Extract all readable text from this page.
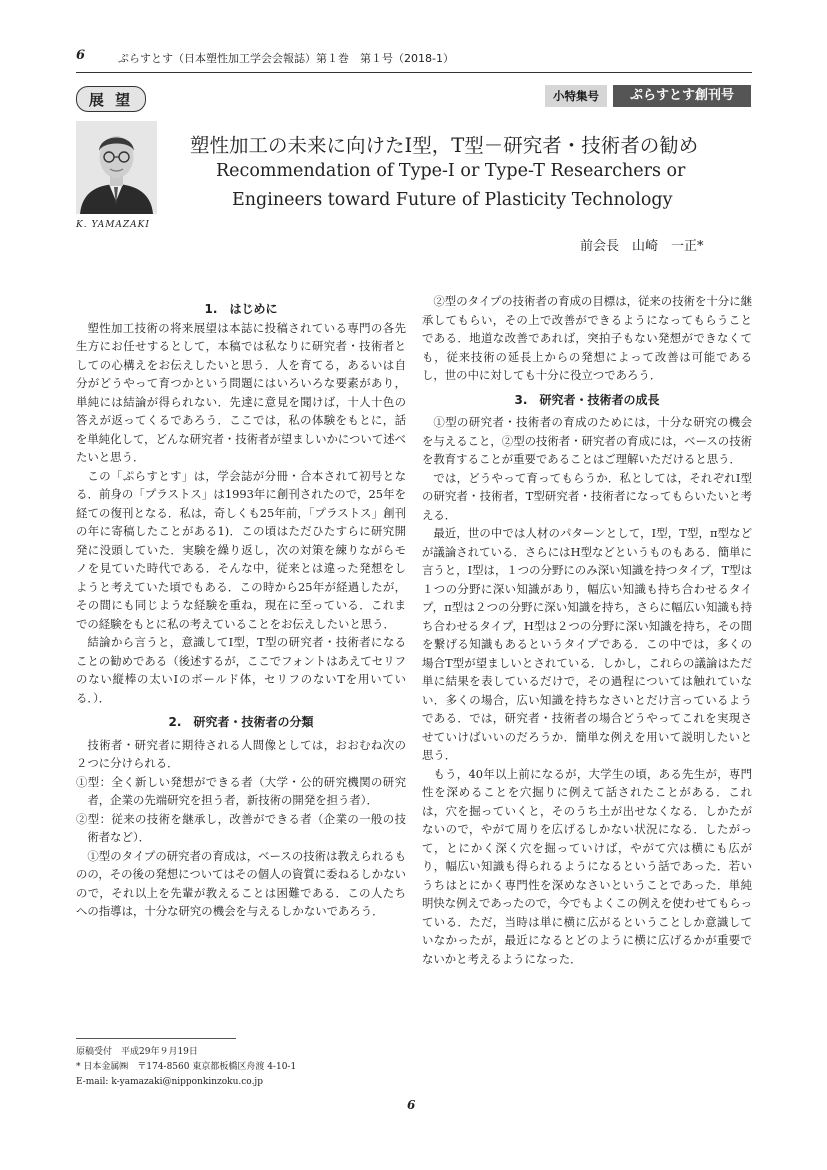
6	ぷらすとす（日本塑性加工学会会報誌）第１巻　第１号（2018-1）
展 望	小特集号	ぷらすとす創刊号
K. YAMAZAKI
塑性加工の未来に向けたI型，T型－研究者・技術者の勧め
Recommendation of Type-I or Type-T Researchers or
Engineers toward Future of Plasticity Technology
前会長　山崎　一正*
1.　はじめに

塑性加工技術の将来展望は本誌に投稿されている専門の各先生方にお任せするとして，本稿では私なりに研究者・技術者としての心構えをお伝えしたいと思う．人を育てる，あるいは自分がどうやって育つかという問題にはいろいろな要素があり，単純には結論が得られない．先達に意見を聞けば，十人十色の答えが返ってくるであろう．ここでは，私の体験をもとに，話を単純化して，どんな研究者・技術者が望ましいかについて述べたいと思う．

この「ぷらすとす」は，学会誌が分冊・合本されて初号となる．前身の「プラストス」は1993年に創刊されたので，25年を経ての復刊となる．私は，奇しくも25年前，「プラストス」創刊の年に寄稿したことがある1)．この頃はただひたすらに研究開発に没頭していた．実験を繰り返し，次の対策を練りながらモノを見ていた時代である．そんな中，従来とは違った発想をしようと考えていた頃でもある．この時から25年が経過したが，その間にも同じような経験を重ね，現在に至っている．これまでの経験をもとに私の考えていることをお伝えしたいと思う．

結論から言うと，意識してI型，T型の研究者・技術者になることの勧めである（後述するが，ここでフォントはあえてセリフのない縦棒の太いIのボールド体，セリフのないTを用いている．）．

2.　研究者・技術者の分類

技術者・研究者に期待される人間像としては，おおむね次の２つに分けられる．

①型：全く新しい発想ができる者（大学・公的研究機関の研究者，企業の先端研究を担う者，新技術の開発を担う者）．

②型：従来の技術を継承し，改善ができる者（企業の一般の技術者など）．

①型のタイプの研究者の育成は，ベースの技術は教えられるものの，その後の発想についてはその個人の資質に委ねるしかないので，それ以上を先輩が教えることは困難である．この人たちへの指導は，十分な研究の機会を与えるしかないであろう．

②型のタイプの技術者の育成の目標は，従来の技術を十分に継承してもらい，その上で改善ができるようになってもらうことである．地道な改善であれば，突拍子もない発想ができなくても，従来技術の延長上からの発想によって改善は可能であるし，世の中に対しても十分に役立つであろう．

3.　研究者・技術者の成長

①型の研究者・技術者の育成のためには，十分な研究の機会を与えること，②型の技術者・研究者の育成には，ベースの技術を教育することが重要であることはご理解いただけると思う．

では，どうやって育ってもらうか．私としては，それぞれI型の研究者・技術者，T型研究者・技術者になってもらいたいと考える．

最近，世の中では人材のパターンとして，I型，T型，π型などが議論されている．さらにはH型などというものもある．簡単に言うと，I型は，１つの分野にのみ深い知識を持つタイプ，T型は１つの分野に深い知識があり，幅広い知識も持ち合わせるタイプ，π型は２つの分野に深い知識を持ち，さらに幅広い知識も持ち合わせるタイプ，H型は２つの分野に深い知識を持ち，その間を繋げる知識もあるというタイプである．この中では，多くの場合T型が望ましいとされている．しかし，これらの議論はただ単に結果を表しているだけで，その過程については触れていない．多くの場合，広い知識を持ちなさいとだけ言っているようである．では，研究者・技術者の場合どうやってこれを実現させていけばいいのだろうか．簡単な例えを用いて説明したいと思う．

もう，40年以上前になるが，大学生の頃，ある先生が，専門性を深めることを穴掘りに例えて話されたことがある．これは，穴を掘っていくと，そのうち土が出せなくなる．しかたがないので，やがて周りを広げるしかない状況になる．したがって，とにかく深く穴を掘っていけば，やがて穴は横にも広がり，幅広い知識も得られるようになるという話であった．若いうちはとにかく専門性を深めなさいということであった．単純明快な例えであったので，今でもよくこの例えを使わせてもらっている．ただ，当時は単に横に広がるということしか意識していなかったが，最近になるとどのように横に広げるかが重要でないかと考えるようになった．

原稿受付　平成29年９月19日
* 日本金属㈱　〒174-8560 東京都板橋区舟渡 4-10-1
E-mail: k-yamazaki@nipponkinzoku.co.jp
6
